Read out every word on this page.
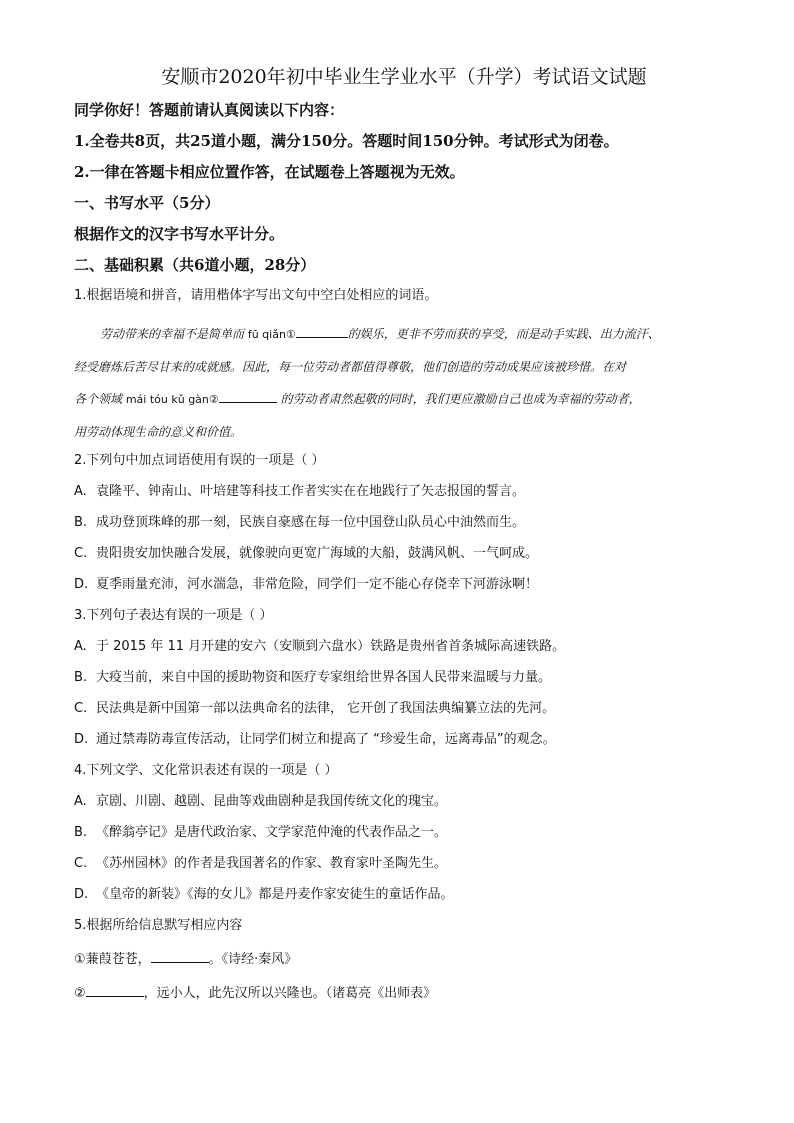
安顺市2020年初中毕业生学业水平（升学）考试语文试题
同学你好！答题前请认真阅读以下内容：
1.全卷共8页，共25道小题，满分150分。答题时间150分钟。考试形式为闭卷。
2.一律在答题卡相应位置作答，在试题卷上答题视为无效。
一、书写水平（5分）
根据作文的汉字书写水平计分。
二、基础积累（共6道小题，28分）
1.根据语境和拼音，请用楷体字写出文句中空白处相应的词语。
劳动带来的幸福不是简单而 fū qiǎn①	的娱乐，更非不劳而获的享受，而是动手实践、出力流汗、
经受磨炼后苦尽甘来的成就感。因此，每一位劳动者都值得尊敬，他们创造的劳动成果应该被珍惜。在对
各个领域 mái tóu kǔ gàn②	的劳动者肃然起敬的同时，我们更应激励自己也成为幸福的劳动者，
用劳动体现生命的意义和价值。
2.下列句中加点词语使用有误的一项是（ ）
A. 袁隆平、钟南山、叶培建等科技工作者实实在在地践行了矢志报国的誓言。
B. 成功登顶珠峰的那一刻，民族自豪感在每一位中国登山队员心中油然而生。
C. 贵阳贵安加快融合发展，就像驶向更宽广海域的大船，鼓满风帆、一气呵成。
D. 夏季雨量充沛，河水湍急，非常危险，同学们一定不能心存侥幸下河游泳啊！
3.下列句子表达有误的一项是（ ）
A. 于 2015 年 11 月开建的安六（安顺到六盘水）铁路是贵州省首条城际高速铁路。
B. 大疫当前，来自中国的援助物资和医疗专家组给世界各国人民带来温暖与力量。
C. 民法典是新中国第一部以法典命名的法律， 它开创了我国法典编纂立法的先河。
D. 通过禁毒防毒宣传活动，让同学们树立和提高了 “珍爱生命，远离毒品”的观念。
4.下列文学、文化常识表述有误的一项是（ ）
A. 京剧、川剧、越剧、昆曲等戏曲剧种是我国传统文化的瑰宝。
B. 《醉翁亭记》是唐代政治家、文学家范仲淹的代表作品之一。
C. 《苏州园林》的作者是我国著名的作家、教育家叶圣陶先生。
D. 《皇帝的新装》《海的女儿》都是丹麦作家安徒生的童话作品。
5.根据所给信息默写相应内容
①蒹葭苍苍，	。《诗经·秦风》
②	，远小人，此先汉所以兴隆也。（诸葛亮《出师表》
